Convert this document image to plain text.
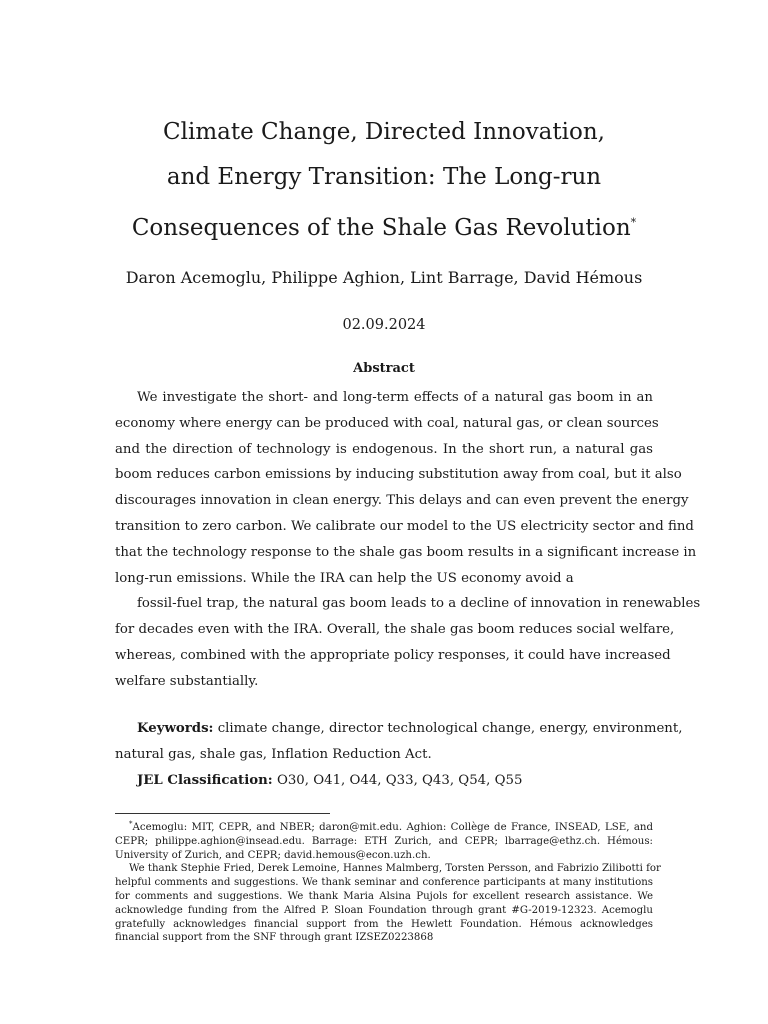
Climate Change, Directed Innovation,
and Energy Transition: The Long-run
Consequences of the Shale Gas Revolution*
Daron Acemoglu, Philippe Aghion, Lint Barrage, David Hémous
02.09.2024
Abstract
We investigate the short- and long-term effects of a natural gas boom in an
economy where energy can be produced with coal, natural gas, or clean sources
and the direction of technology is endogenous. In the short run, a natural gas
boom reduces carbon emissions by inducing substitution away from coal, but it also
discourages innovation in clean energy. This delays and can even prevent the energy
transition to zero carbon. We calibrate our model to the US electricity sector and find
that the technology response to the shale gas boom results in a significant increase in
long-run emissions. While the IRA can help the US economy avoid a
fossil-fuel trap, the natural gas boom leads to a decline of innovation in renewables
for decades even with the IRA. Overall, the shale gas boom reduces social welfare,
whereas, combined with the appropriate policy responses, it could have increased
welfare substantially.
Keywords: climate change, director technological change, energy, environment,
natural gas, shale gas, Inflation Reduction Act.
JEL Classification: O30, O41, O44, Q33, Q43, Q54, Q55
*Acemoglu: MIT, CEPR, and NBER; daron@mit.edu. Aghion: Collège de France, INSEAD, LSE, and
CEPR; philippe.aghion@insead.edu. Barrage: ETH Zurich, and CEPR; lbarrage@ethz.ch. Hémous:
University of Zurich, and CEPR; david.hemous@econ.uzh.ch.
We thank Stephie Fried, Derek Lemoine, Hannes Malmberg, Torsten Persson, and Fabrizio Zilibotti for
helpful comments and suggestions. We thank seminar and conference participants at many institutions
for comments and suggestions. We thank Maria Alsina Pujols for excellent research assistance. We
acknowledge funding from the Alfred P. Sloan Foundation through grant #G-2019-12323. Acemoglu
gratefully acknowledges financial support from the Hewlett Foundation. Hémous acknowledges
financial support from the SNF through grant IZSEZ0223868
